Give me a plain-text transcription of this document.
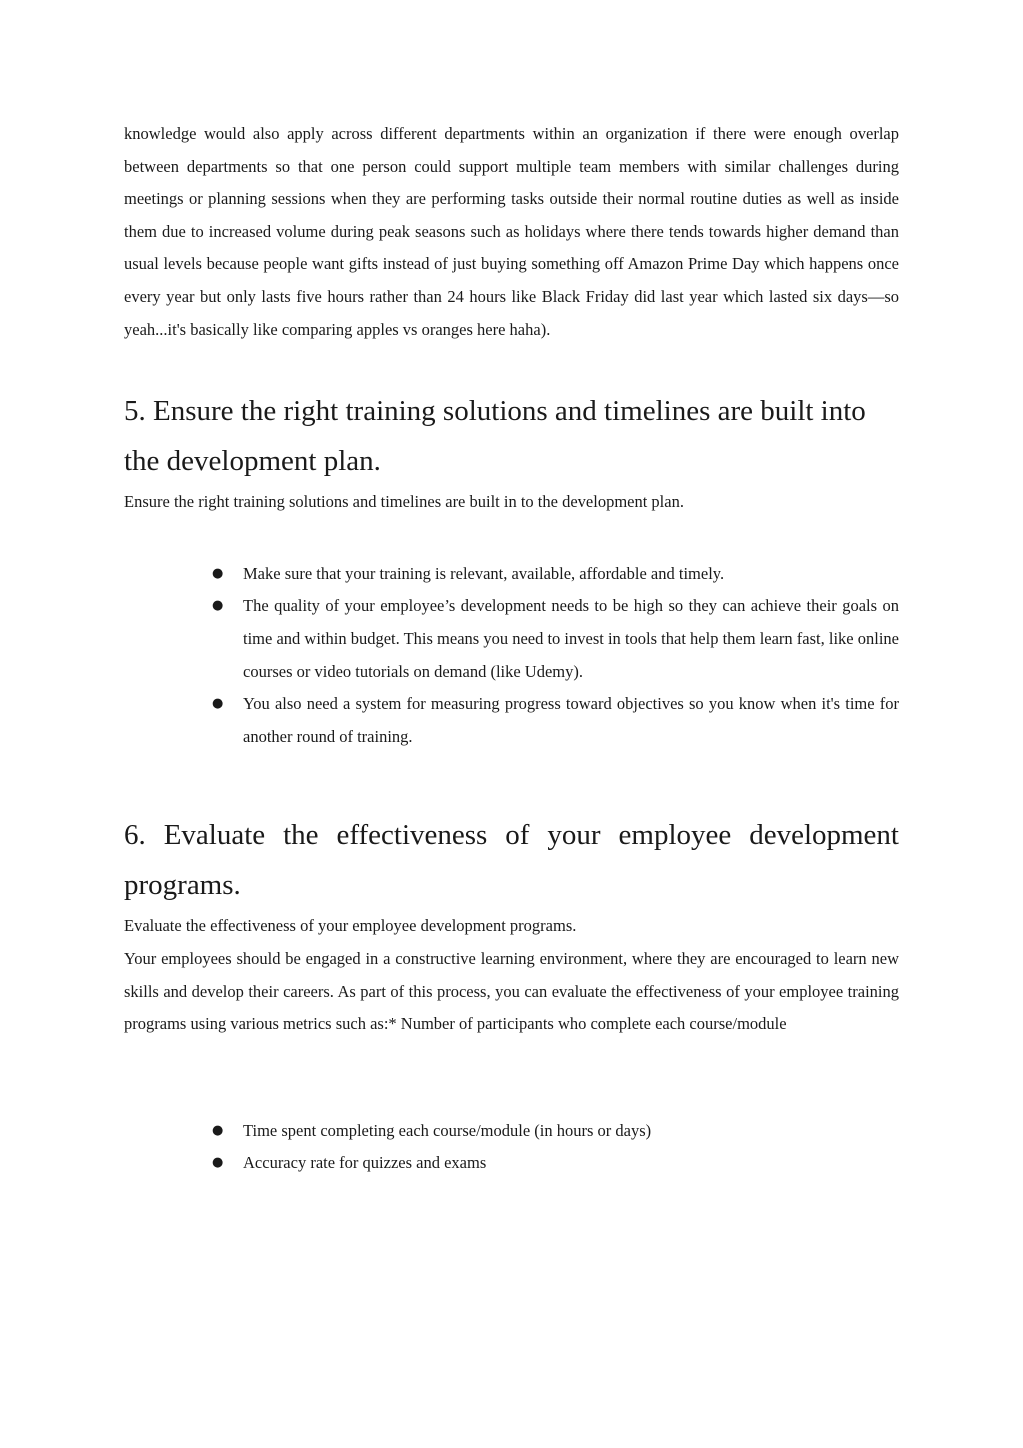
knowledge would also apply across different departments within an organization if there were enough overlap between departments so that one person could support multiple team members with similar challenges during meetings or planning sessions when they are performing tasks outside their normal routine duties as well as inside them due to increased volume during peak seasons such as holidays where there tends towards higher demand than usual levels because people want gifts instead of just buying something off Amazon Prime Day which happens once every year but only lasts five hours rather than 24 hours like Black Friday did last year which lasted six days—so yeah...it's basically like comparing apples vs oranges here haha).

5. Ensure the right training solutions and timelines are built into the development plan.

Ensure the right training solutions and timelines are built in to the development plan.

● Make sure that your training is relevant, available, affordable and timely.
● The quality of your employee’s development needs to be high so they can achieve their goals on time and within budget. This means you need to invest in tools that help them learn fast, like online courses or video tutorials on demand (like Udemy).
● You also need a system for measuring progress toward objectives so you know when it's time for another round of training.
6. Evaluate the effectiveness of your employee development programs.

Evaluate the effectiveness of your employee development programs.

Your employees should be engaged in a constructive learning environment, where they are encouraged to learn new skills and develop their careers. As part of this process, you can evaluate the effectiveness of your employee training programs using various metrics such as:* Number of participants who complete each course/module

● Time spent completing each course/module (in hours or days)
● Accuracy rate for quizzes and exams
